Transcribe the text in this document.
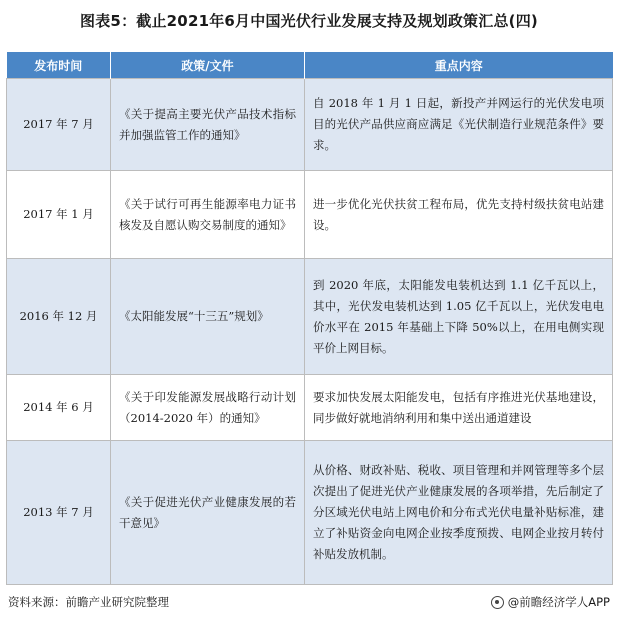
图表5：截止2021年6月中国光伏行业发展支持及规划政策汇总(四)
发布时间	政策/文件	重点内容
2017 年 7 月	《关于提高主要光伏产品技术指标并加强监管工作的通知》	自 2018 年 1 月 1 日起，新投产并网运行的光伏发电项目的光伏产品供应商应满足《光伏制造行业规范条件》要求。
2017 年 1 月	《关于试行可再生能源率电力证书核发及自愿认购交易制度的通知》	进一步优化光伏扶贫工程布局，优先支持村级扶贫电站建设。
2016 年 12 月	《太阳能发展“十三五”规划》	到 2020 年底，太阳能发电装机达到 1.1 亿千瓦以上，其中，光伏发电装机达到 1.05 亿千瓦以上，光伏发电电价水平在 2015 年基础上下降 50%以上，在用电侧实现平价上网目标。
2014 年 6 月	《关于印发能源发展战略行动计划（2014-2020 年）的通知》	要求加快发展太阳能发电，包括有序推进光伏基地建设，同步做好就地消纳利用和集中送出通道建设
2013 年 7 月	《关于促进光伏产业健康发展的若干意见》	从价格、财政补贴、税收、项目管理和并网管理等多个层次提出了促进光伏产业健康发展的各项举措，先后制定了分区域光伏电站上网电价和分布式光伏电量补贴标准，建立了补贴资金向电网企业按季度预拨、电网企业按月转付补贴发放机制。
资料来源：前瞻产业研究院整理	@前瞻经济学人APP
